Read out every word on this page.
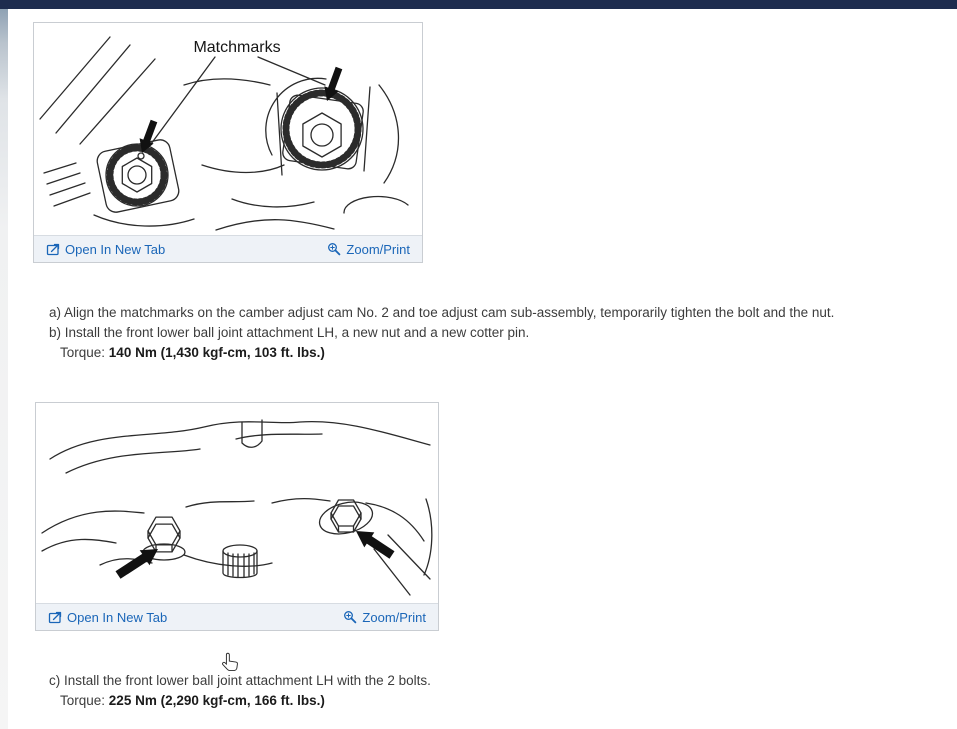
Matchmarks
Open In New Tab	Zoom/Print

a) Align the matchmarks on the camber adjust cam No. 2 and toe adjust cam sub-assembly, temporarily tighten the bolt and the nut.

b) Install the front lower ball joint attachment LH, a new nut and a new cotter pin.

Torque: 140 Nm (1,430 kgf-cm, 103 ft. lbs.)

Open In New Tab	Zoom/Print

c) Install the front lower ball joint attachment LH with the 2 bolts.

Torque: 225 Nm (2,290 kgf-cm, 166 ft. lbs.)
